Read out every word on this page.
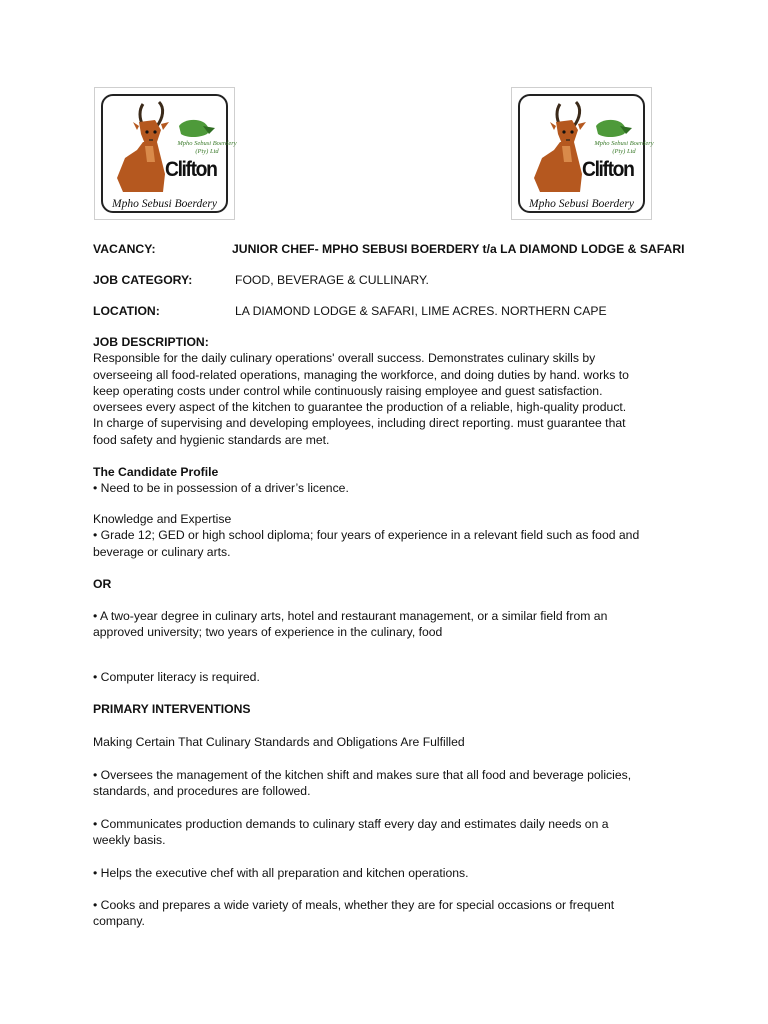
Mpho Sebusi Boerdery
(Pty) Ltd
Clifton
Mpho Sebusi Boerdery
Mpho Sebusi Boerdery
(Pty) Ltd
Clifton
Mpho Sebusi Boerdery
VACANCY:	JUNIOR CHEF- MPHO SEBUSI BOERDERY t/a LA DIAMOND LODGE & SAFARI
JOB CATEGORY:	FOOD, BEVERAGE & CULLINARY.
LOCATION:	LA DIAMOND LODGE & SAFARI, LIME ACRES. NORTHERN CAPE

JOB DESCRIPTION:

Responsible for the daily culinary operations' overall success. Demonstrates culinary skills by

overseeing all food-related operations, managing the workforce, and doing duties by hand. works to

keep operating costs under control while continuously raising employee and guest satisfaction.

oversees every aspect of the kitchen to guarantee the production of a reliable, high-quality product.

In charge of supervising and developing employees, including direct reporting. must guarantee that

food safety and hygienic standards are met.

The Candidate Profile

• Need to be in possession of a driver’s licence.

Knowledge and Expertise

• Grade 12; GED or high school diploma; four years of experience in a relevant field such as food and

beverage or culinary arts.

OR

• A two-year degree in culinary arts, hotel and restaurant management, or a similar field from an

approved university; two years of experience in the culinary, food

• Computer literacy is required.
PRIMARY INTERVENTIONS
Making Certain That Culinary Standards and Obligations Are Fulfilled

• Oversees the management of the kitchen shift and makes sure that all food and beverage policies,

standards, and procedures are followed.

• Communicates production demands to culinary staff every day and estimates daily needs on a

weekly basis.

• Helps the executive chef with all preparation and kitchen operations.

• Cooks and prepares a wide variety of meals, whether they are for special occasions or frequent

company.
